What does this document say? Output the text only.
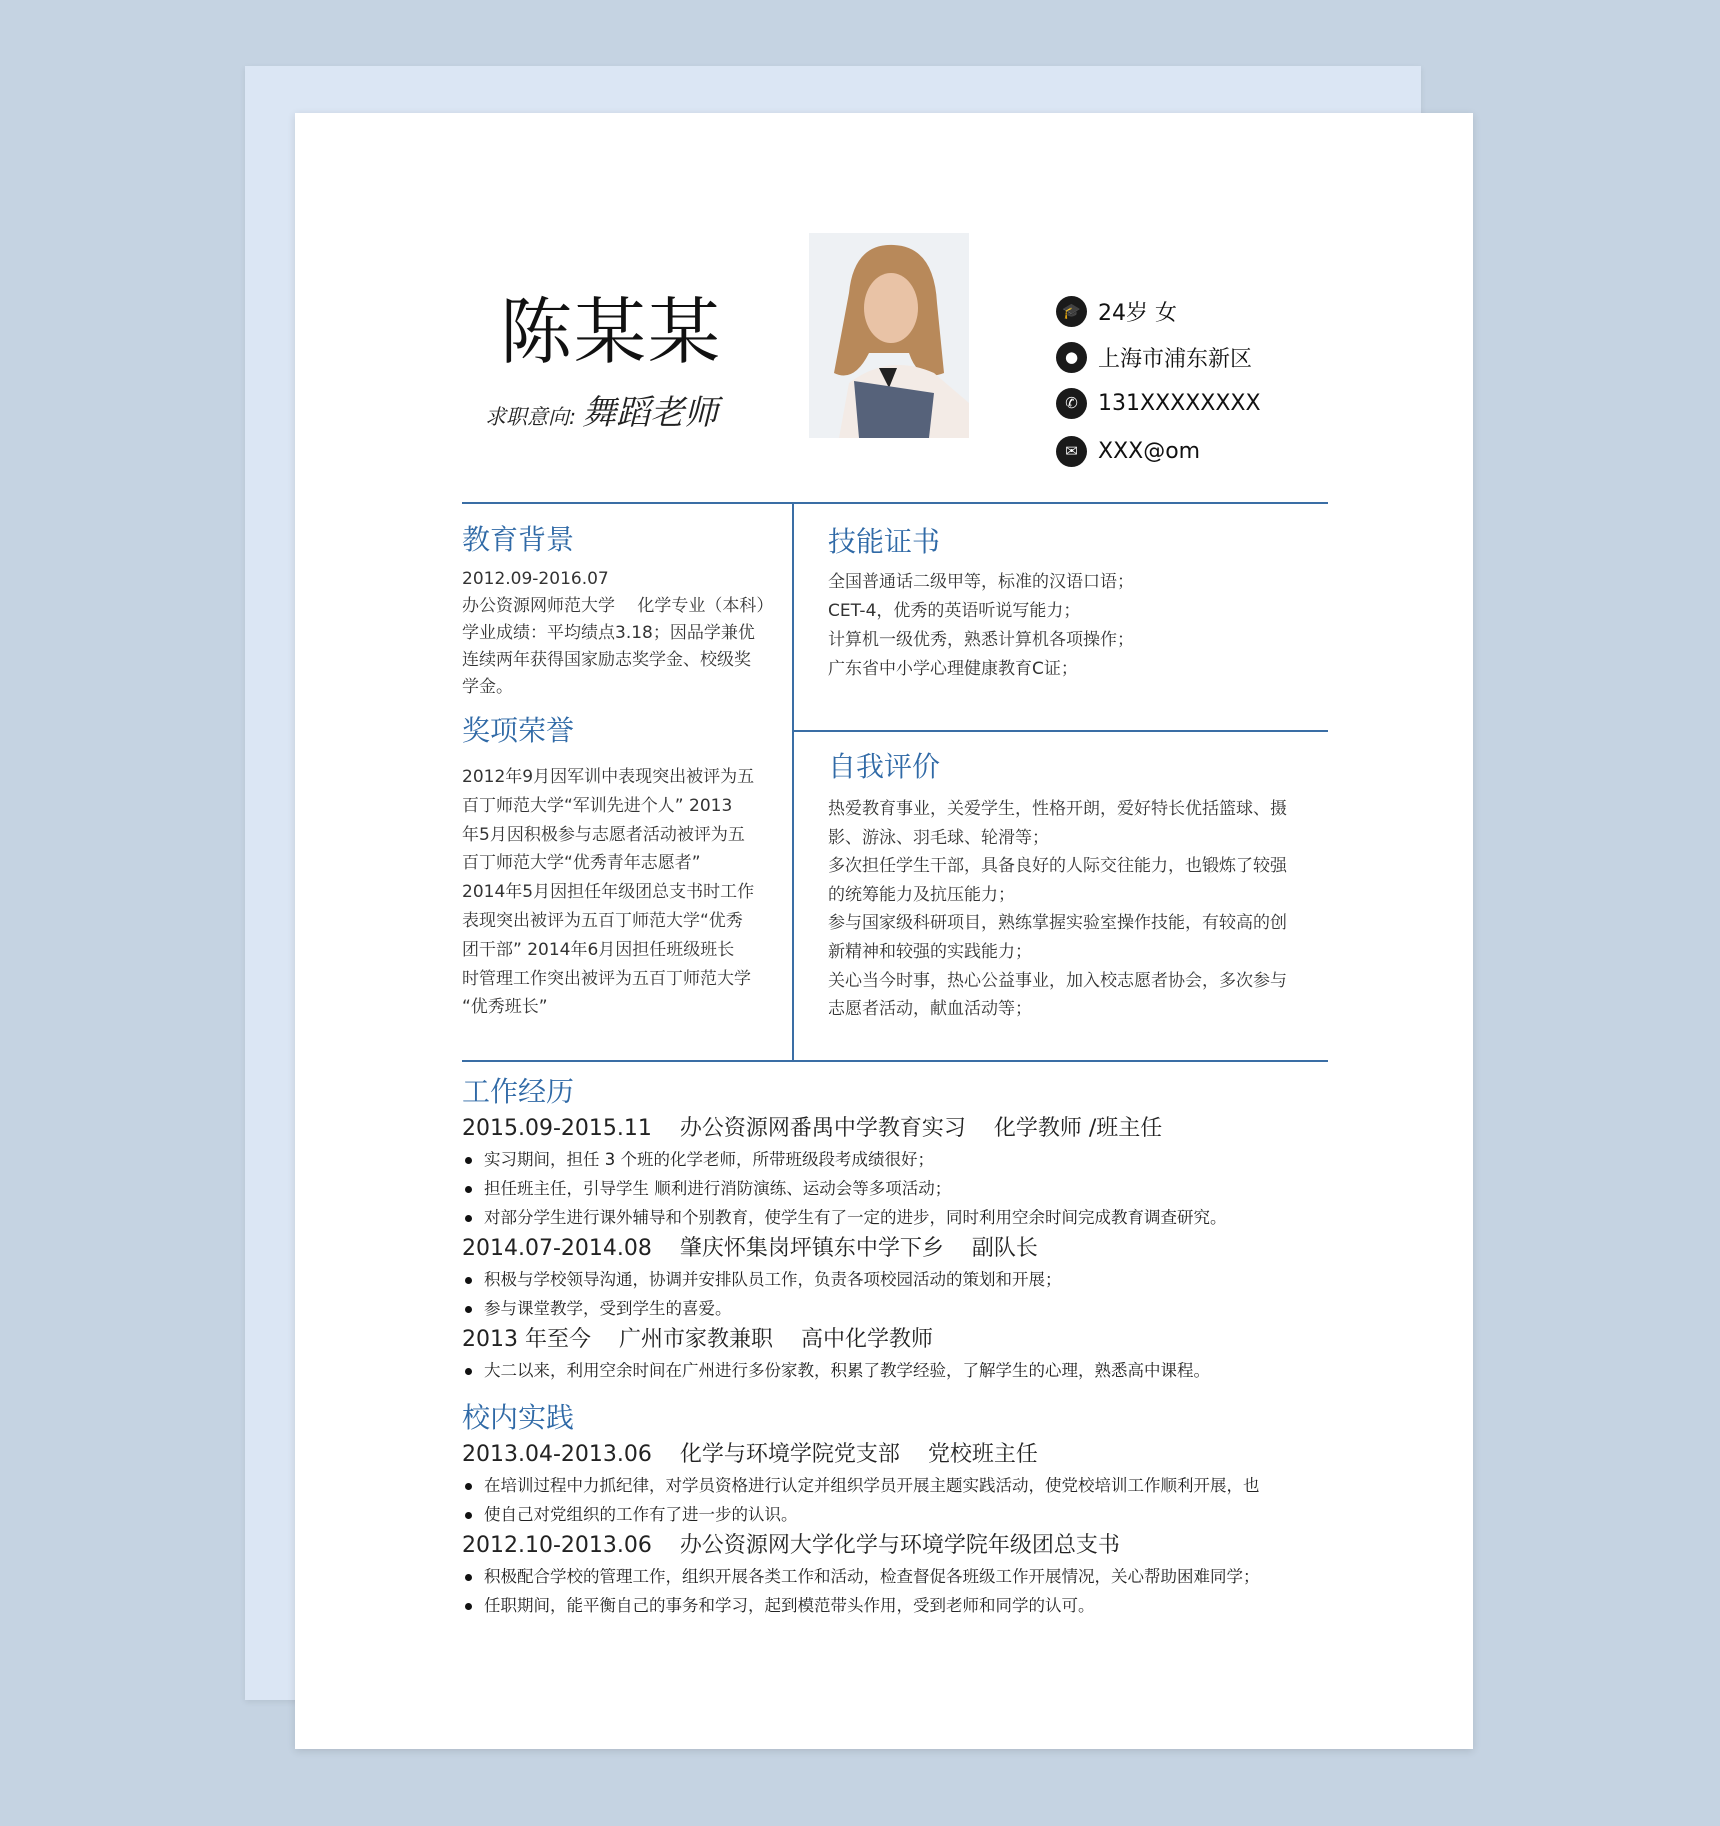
陈某某
求职意向: 舞蹈老师
🎓 24岁 女
● 上海市浦东新区
✆ 131XXXXXXXX
✉ XXX@om
教育背景
2012.09-2016.07
办公资源网师范大学　 化学专业（本科）
学业成绩：平均绩点3.18；因品学兼优
连续两年获得国家励志奖学金、校级奖
学金。
奖项荣誉
2012年9月因军训中表现突出被评为五
百丁师范大学“军训先进个人” 2013
年5月因积极参与志愿者活动被评为五
百丁师范大学“优秀青年志愿者”
2014年5月因担任年级团总支书时工作
表现突出被评为五百丁师范大学“优秀
团干部” 2014年6月因担任班级班长
时管理工作突出被评为五百丁师范大学
“优秀班长”
技能证书
全国普通话二级甲等，标准的汉语口语；
CET-4，优秀的英语听说写能力；
计算机一级优秀，熟悉计算机各项操作；
广东省中小学心理健康教育C证；
自我评价
热爱教育事业，关爱学生，性格开朗，爱好特长优括篮球、摄
影、游泳、羽毛球、轮滑等；
多次担任学生干部，具备良好的人际交往能力，也锻炼了较强
的统筹能力及抗压能力；
参与国家级科研项目，熟练掌握实验室操作技能，有较高的创
新精神和较强的实践能力；
关心当今时事，热心公益事业，加入校志愿者协会，多次参与
志愿者活动，献血活动等；
工作经历
2015.09-2015.11 办公资源网番禺中学教育实习 化学教师 /班主任
实习期间，担任 3 个班的化学老师，所带班级段考成绩很好；
担任班主任，引导学生 顺利进行消防演练、运动会等多项活动；
对部分学生进行课外辅导和个别教育，使学生有了一定的进步，同时利用空余时间完成教育调查研究。
2014.07-2014.08 肇庆怀集岗坪镇东中学下乡 副队长
积极与学校领导沟通，协调并安排队员工作，负责各项校园活动的策划和开展；
参与课堂教学，受到学生的喜爱。
2013 年至今 广州市家教兼职 高中化学教师
大二以来，利用空余时间在广州进行多份家教，积累了教学经验，了解学生的心理，熟悉高中课程。
校内实践
2013.04-2013.06 化学与环境学院党支部 党校班主任
在培训过程中力抓纪律，对学员资格进行认定并组织学员开展主题实践活动，使党校培训工作顺利开展，也
使自己对党组织的工作有了进一步的认识。
2012.10-2013.06 办公资源网大学化学与环境学院年级团总支书
积极配合学校的管理工作，组织开展各类工作和活动，检查督促各班级工作开展情况，关心帮助困难同学；
任职期间，能平衡自己的事务和学习，起到模范带头作用，受到老师和同学的认可。
